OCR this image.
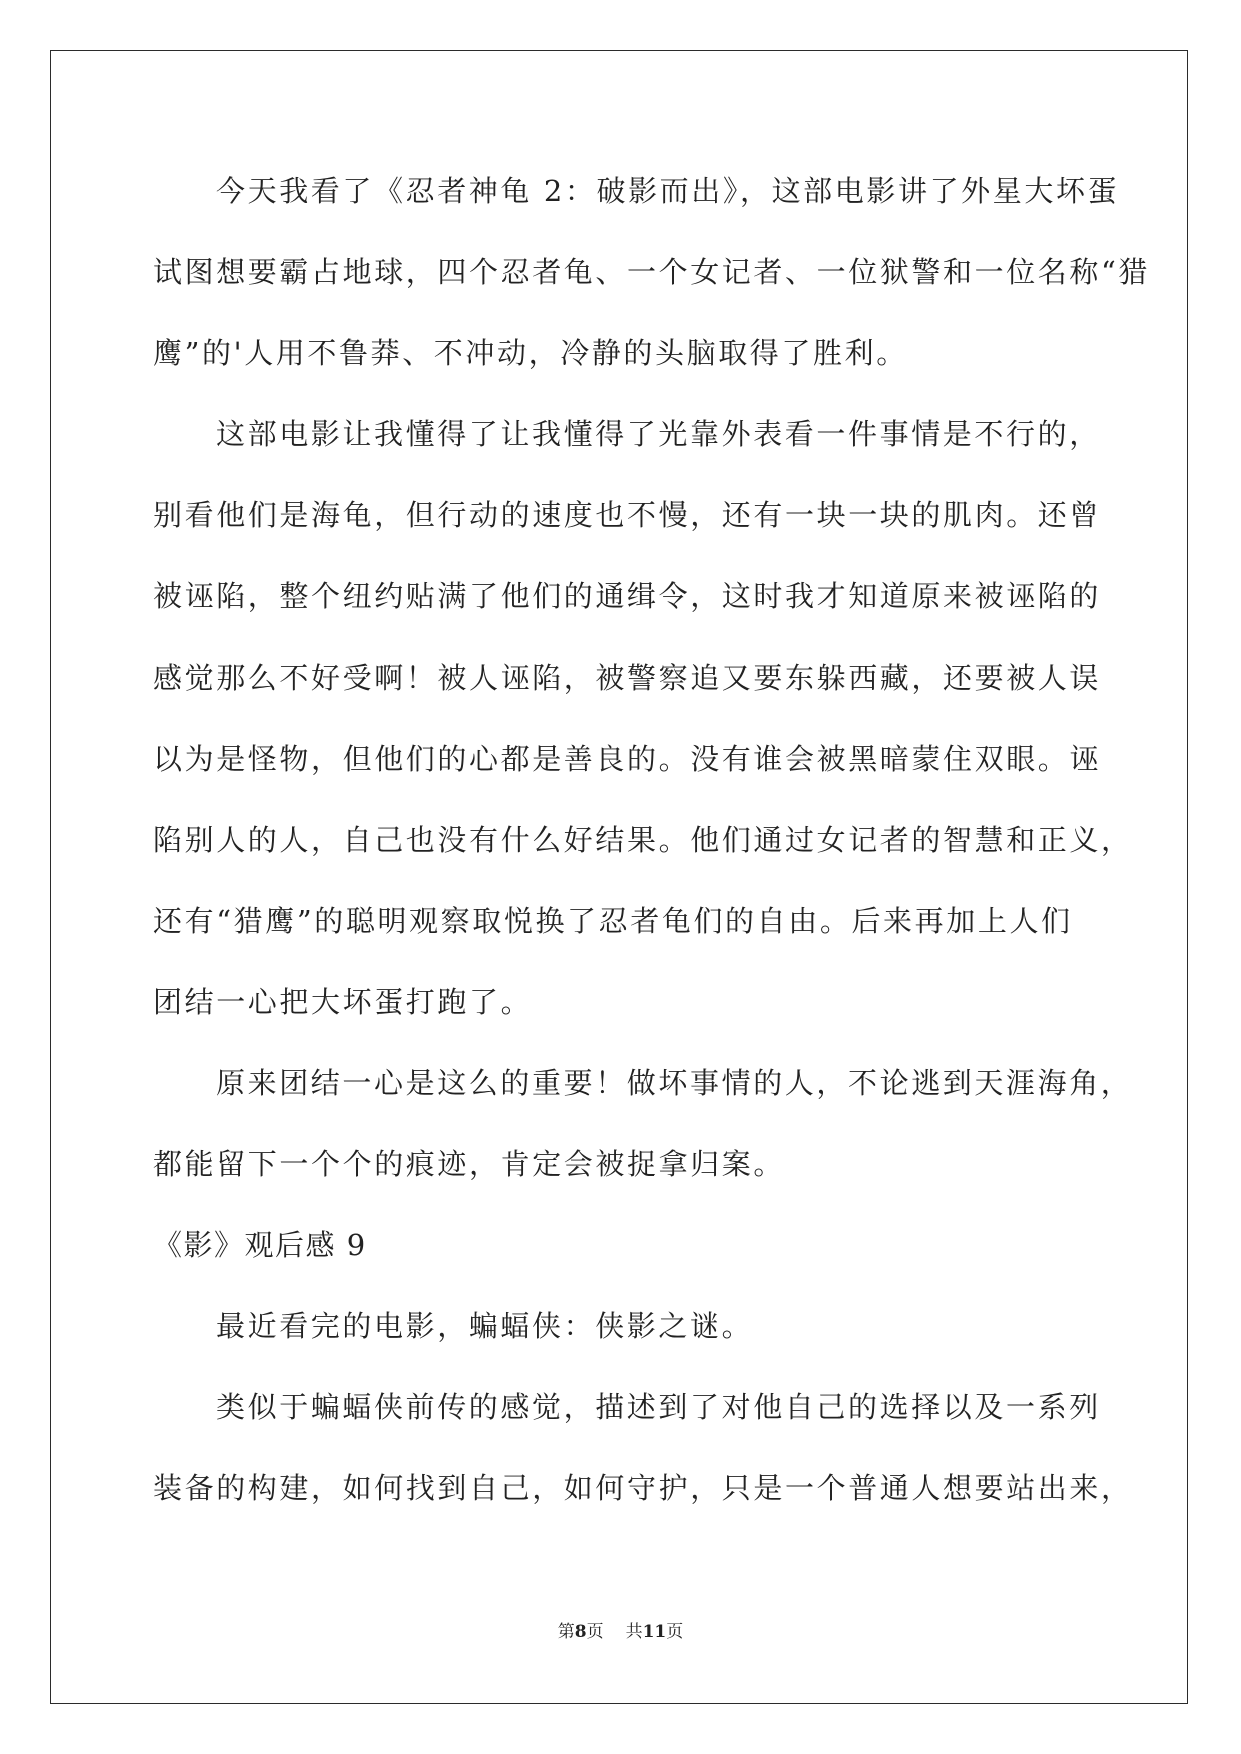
今天我看了《忍者神龟 2：破影而出》，这部电影讲了外星大坏蛋
试图想要霸占地球，四个忍者龟、一个女记者、一位狱警和一位名称“猎
鹰”的'人用不鲁莽、不冲动，冷静的头脑取得了胜利。
这部电影让我懂得了让我懂得了光靠外表看一件事情是不行的，
别看他们是海龟，但行动的速度也不慢，还有一块一块的肌肉。还曾
被诬陷，整个纽约贴满了他们的通缉令，这时我才知道原来被诬陷的
感觉那么不好受啊！被人诬陷，被警察追又要东躲西藏，还要被人误
以为是怪物，但他们的心都是善良的。没有谁会被黑暗蒙住双眼。诬
陷别人的人，自己也没有什么好结果。他们通过女记者的智慧和正义，
还有“猎鹰”的聪明观察取悦换了忍者龟们的自由。后来再加上人们
团结一心把大坏蛋打跑了。
原来团结一心是这么的重要！做坏事情的人，不论逃到天涯海角，
都能留下一个个的痕迹，肯定会被捉拿归案。
《影》观后感 9
最近看完的电影，蝙蝠侠：侠影之谜。
类似于蝙蝠侠前传的感觉，描述到了对他自己的选择以及一系列
装备的构建，如何找到自己，如何守护，只是一个普通人想要站出来，
第8页 共11页
